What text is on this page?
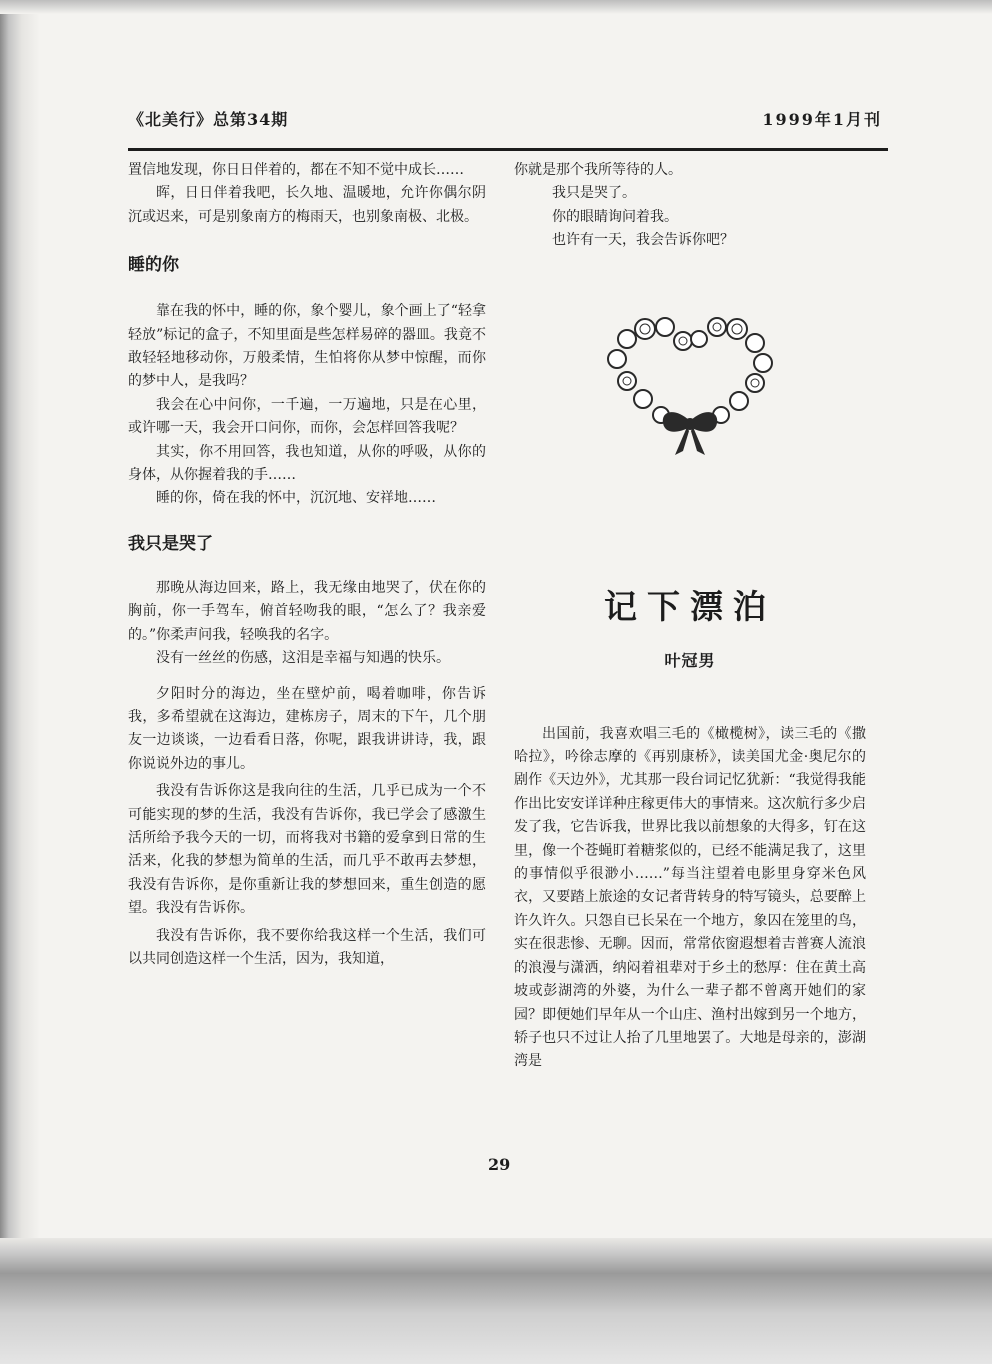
《北美行》总第34期	1999年1月刊

置信地发现，你日日伴着的，都在不知不觉中成长……

晖，日日伴着我吧，长久地、温暖地，允许你偶尔阴沉或迟来，可是别象南方的梅雨天，也别象南极、北极。

睡的你

靠在我的怀中，睡的你，象个婴儿，象个画上了“轻拿轻放”标记的盒子，不知里面是些怎样易碎的器皿。我竟不敢轻轻地移动你，万般柔情，生怕将你从梦中惊醒，而你的梦中人，是我吗？

我会在心中问你，一千遍，一万遍地，只是在心里，或许哪一天，我会开口问你，而你，会怎样回答我呢？

其实，你不用回答，我也知道，从你的呼吸，从你的身体，从你握着我的手……

睡的你，倚在我的怀中，沉沉地、安祥地……

我只是哭了

那晚从海边回来，路上，我无缘由地哭了，伏在你的胸前，你一手驾车，俯首轻吻我的眼，“怎么了？我亲爱的。”你柔声问我，轻唤我的名字。

没有一丝丝的伤感，这泪是幸福与知遇的快乐。

夕阳时分的海边，坐在壁炉前，喝着咖啡，你告诉我，多希望就在这海边，建栋房子，周末的下午，几个朋友一边谈谈，一边看看日落，你呢，跟我讲讲诗，我，跟你说说外边的事儿。

我没有告诉你这是我向往的生活，几乎已成为一个不可能实现的梦的生活，我没有告诉你，我已学会了感激生活所给予我今天的一切，而将我对书籍的爱拿到日常的生活来，化我的梦想为简单的生活，而几乎不敢再去梦想，我没有告诉你，是你重新让我的梦想回来，重生创造的愿望。我没有告诉你。

我没有告诉你，我不要你给我这样一个生活，我们可以共同创造这样一个生活，因为，我知道，

你就是那个我所等待的人。

我只是哭了。

你的眼睛询问着我。

也许有一天，我会告诉你吧？

记下漂泊
叶冠男

出国前，我喜欢唱三毛的《橄榄树》，读三毛的《撒哈拉》，吟徐志摩的《再别康桥》，读美国尤金·奥尼尔的剧作《天边外》，尤其那一段台词记忆犹新：“我觉得我能作出比安安详详种庄稼更伟大的事情来。这次航行多少启发了我，它告诉我，世界比我以前想象的大得多，钉在这里，像一个苍蝇盯着糖浆似的，已经不能满足我了，这里的事情似乎很渺小……”每当注望着电影里身穿米色风衣，又要踏上旅途的女记者背转身的特写镜头，总要醉上许久许久。只怨自已长呆在一个地方，象囚在笼里的鸟，实在很悲惨、无聊。因而，常常依窗遐想着吉普赛人流浪的浪漫与潇洒，纳闷着祖辈对于乡土的愁厚：住在黄土高坡或彭湖湾的外婆，为什么一辈子都不曾离开她们的家园？即便她们早年从一个山庄、渔村出嫁到另一个地方，轿子也只不过让人抬了几里地罢了。大地是母亲的，澎湖湾是

29
